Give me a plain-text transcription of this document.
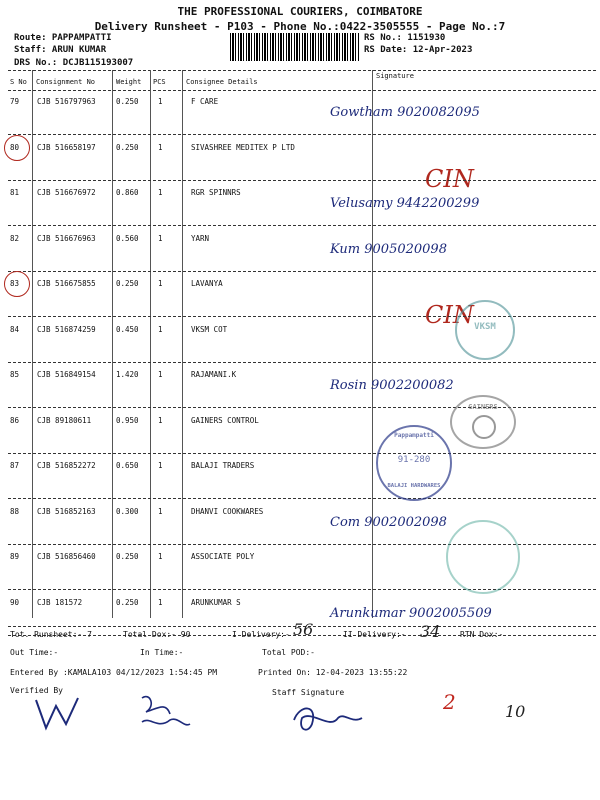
THE PROFESSIONAL COURIERS, COIMBATORE
Delivery Runsheet - P103 - Phone No.:0422-3505555 - Page No.:7
Route: PAPPAMPATTI
Staff: ARUN KUMAR
DRS No.: DCJB115193007
RS No.: 1151930
RS Date: 12-Apr-2023
S No Consignment No	Weight PCS	Consignee Details
Signature
79 CJB 516797963	0.250	1	F CARE
Gowtham 9020082095
80 CJB 516658197	0.250	1	SIVASHREE MEDITEX P LTD
CIN
81 CJB 516676972	0.860	1	RGR SPINNRS
Velusamy 9442200299
82 CJB 516676963	0.560	1	YARN
Kum 9005020098
83 CJB 516675855	0.250	1	LAVANYA
CIN
84 CJB 516874259	0.450	1	VKSM COT
85 CJB 516849154	1.420	1	RAJAMANI.K
Rosin 9002200082
86 CJB 89180611	0.950	1	GAINERS CONTROL
87 CJB 516852272	0.650	1	BALAJI TRADERS
88 CJB 516852163	0.300	1	DHANVI COOKWARES
Com 9002002098
89 CJB 516856460	0.250	1	ASSOCIATE POLY
90 CJB 181572	0.250	1	ARUNKUMAR S
Arunkumar 9002005509
VKSM
GAINERS
Pappampatti
91-280
BALAJI HARDWARES
Tot. Runsheet:- 7	Total Dox:- 90	I Delivery:- 56	II Delivery:- 34 RTN Dox:-
Out Time:-	In Time:-	Total POD:-
Entered By :KAMALA103 04/12/2023 1:54:45 PM	Printed On: 12-04-2023 13:55:22
Verified By	Staff Signature	2	10
